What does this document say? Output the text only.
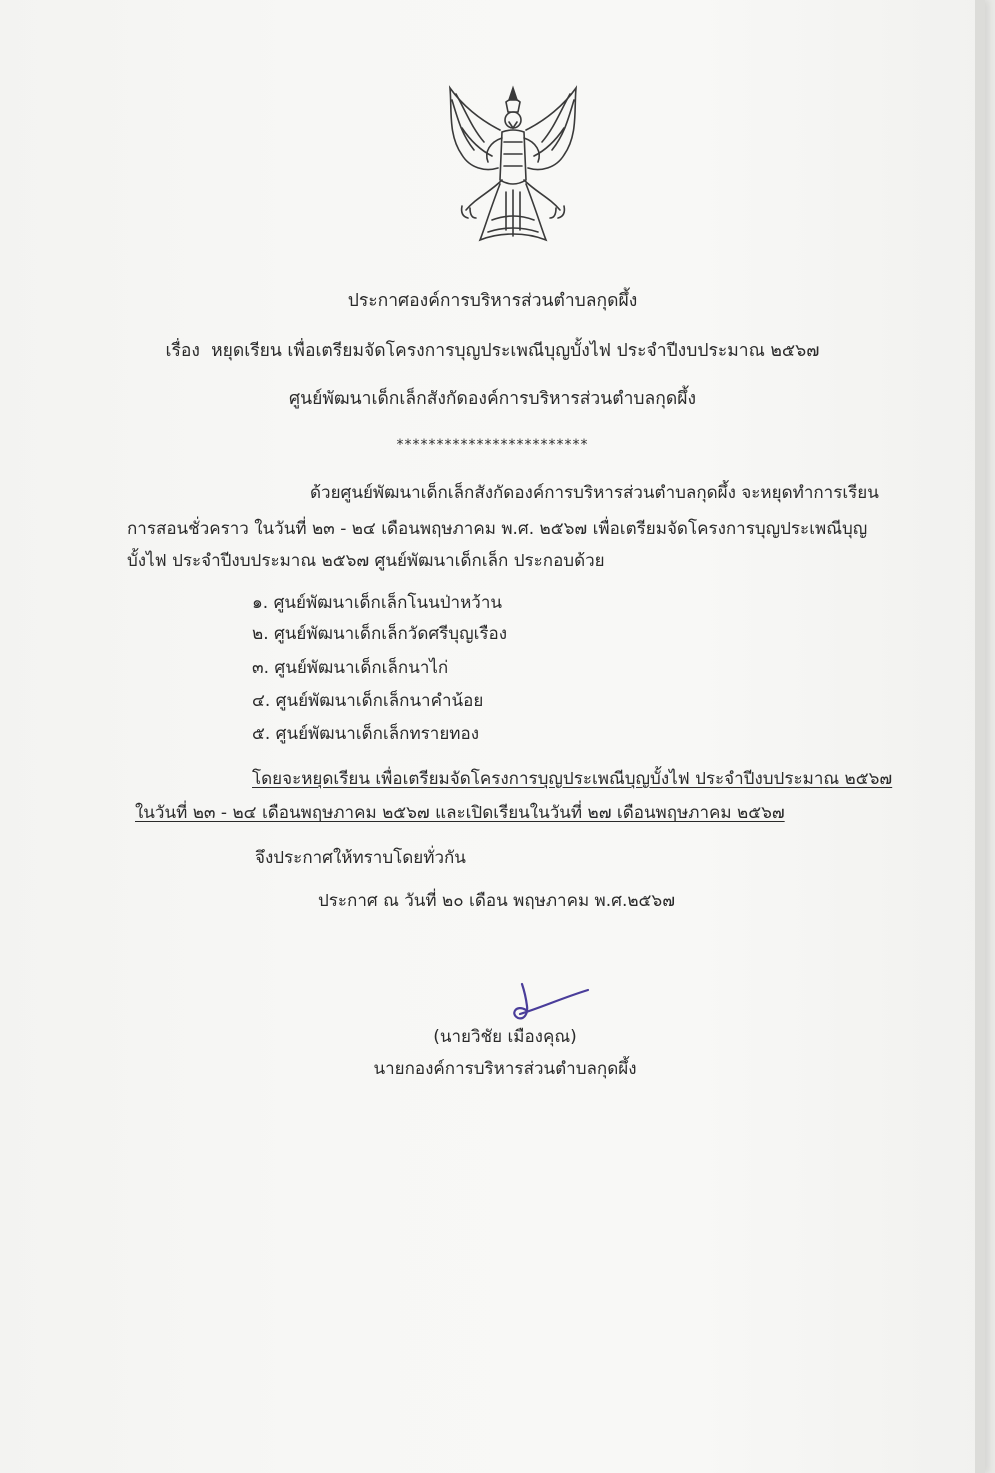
ประกาศองค์การบริหารส่วนตำบลกุดผึ้ง
เรื่อง หยุดเรียน เพื่อเตรียมจัดโครงการบุญประเพณีบุญบั้งไฟ ประจำปีงบประมาณ ๒๕๖๗
ศูนย์พัฒนาเด็กเล็กสังกัดองค์การบริหารส่วนตำบลกุดผึ้ง
************************
ด้วยศูนย์พัฒนาเด็กเล็กสังกัดองค์การบริหารส่วนตำบลกุดผึ้ง จะหยุดทำการเรียน
การสอนชั่วคราว ในวันที่ ๒๓ - ๒๔ เดือนพฤษภาคม พ.ศ. ๒๕๖๗ เพื่อเตรียมจัดโครงการบุญประเพณีบุญ
บั้งไฟ ประจำปีงบประมาณ ๒๕๖๗ ศูนย์พัฒนาเด็กเล็ก ประกอบด้วย
๑. ศูนย์พัฒนาเด็กเล็กโนนป่าหว้าน
๒. ศูนย์พัฒนาเด็กเล็กวัดศรีบุญเรือง
๓. ศูนย์พัฒนาเด็กเล็กนาไก่
๔. ศูนย์พัฒนาเด็กเล็กนาคำน้อย
๕. ศูนย์พัฒนาเด็กเล็กทรายทอง
โดยจะหยุดเรียน เพื่อเตรียมจัดโครงการบุญประเพณีบุญบั้งไฟ ประจำปีงบประมาณ ๒๕๖๗
ในวันที่ ๒๓ - ๒๔ เดือนพฤษภาคม ๒๕๖๗ และเปิดเรียนในวันที่ ๒๗ เดือนพฤษภาคม ๒๕๖๗
จึงประกาศให้ทราบโดยทั่วกัน
ประกาศ ณ วันที่ ๒๐ เดือน พฤษภาคม พ.ศ.๒๕๖๗
(นายวิชัย เมืองคุณ)
นายกองค์การบริหารส่วนตำบลกุดผึ้ง
